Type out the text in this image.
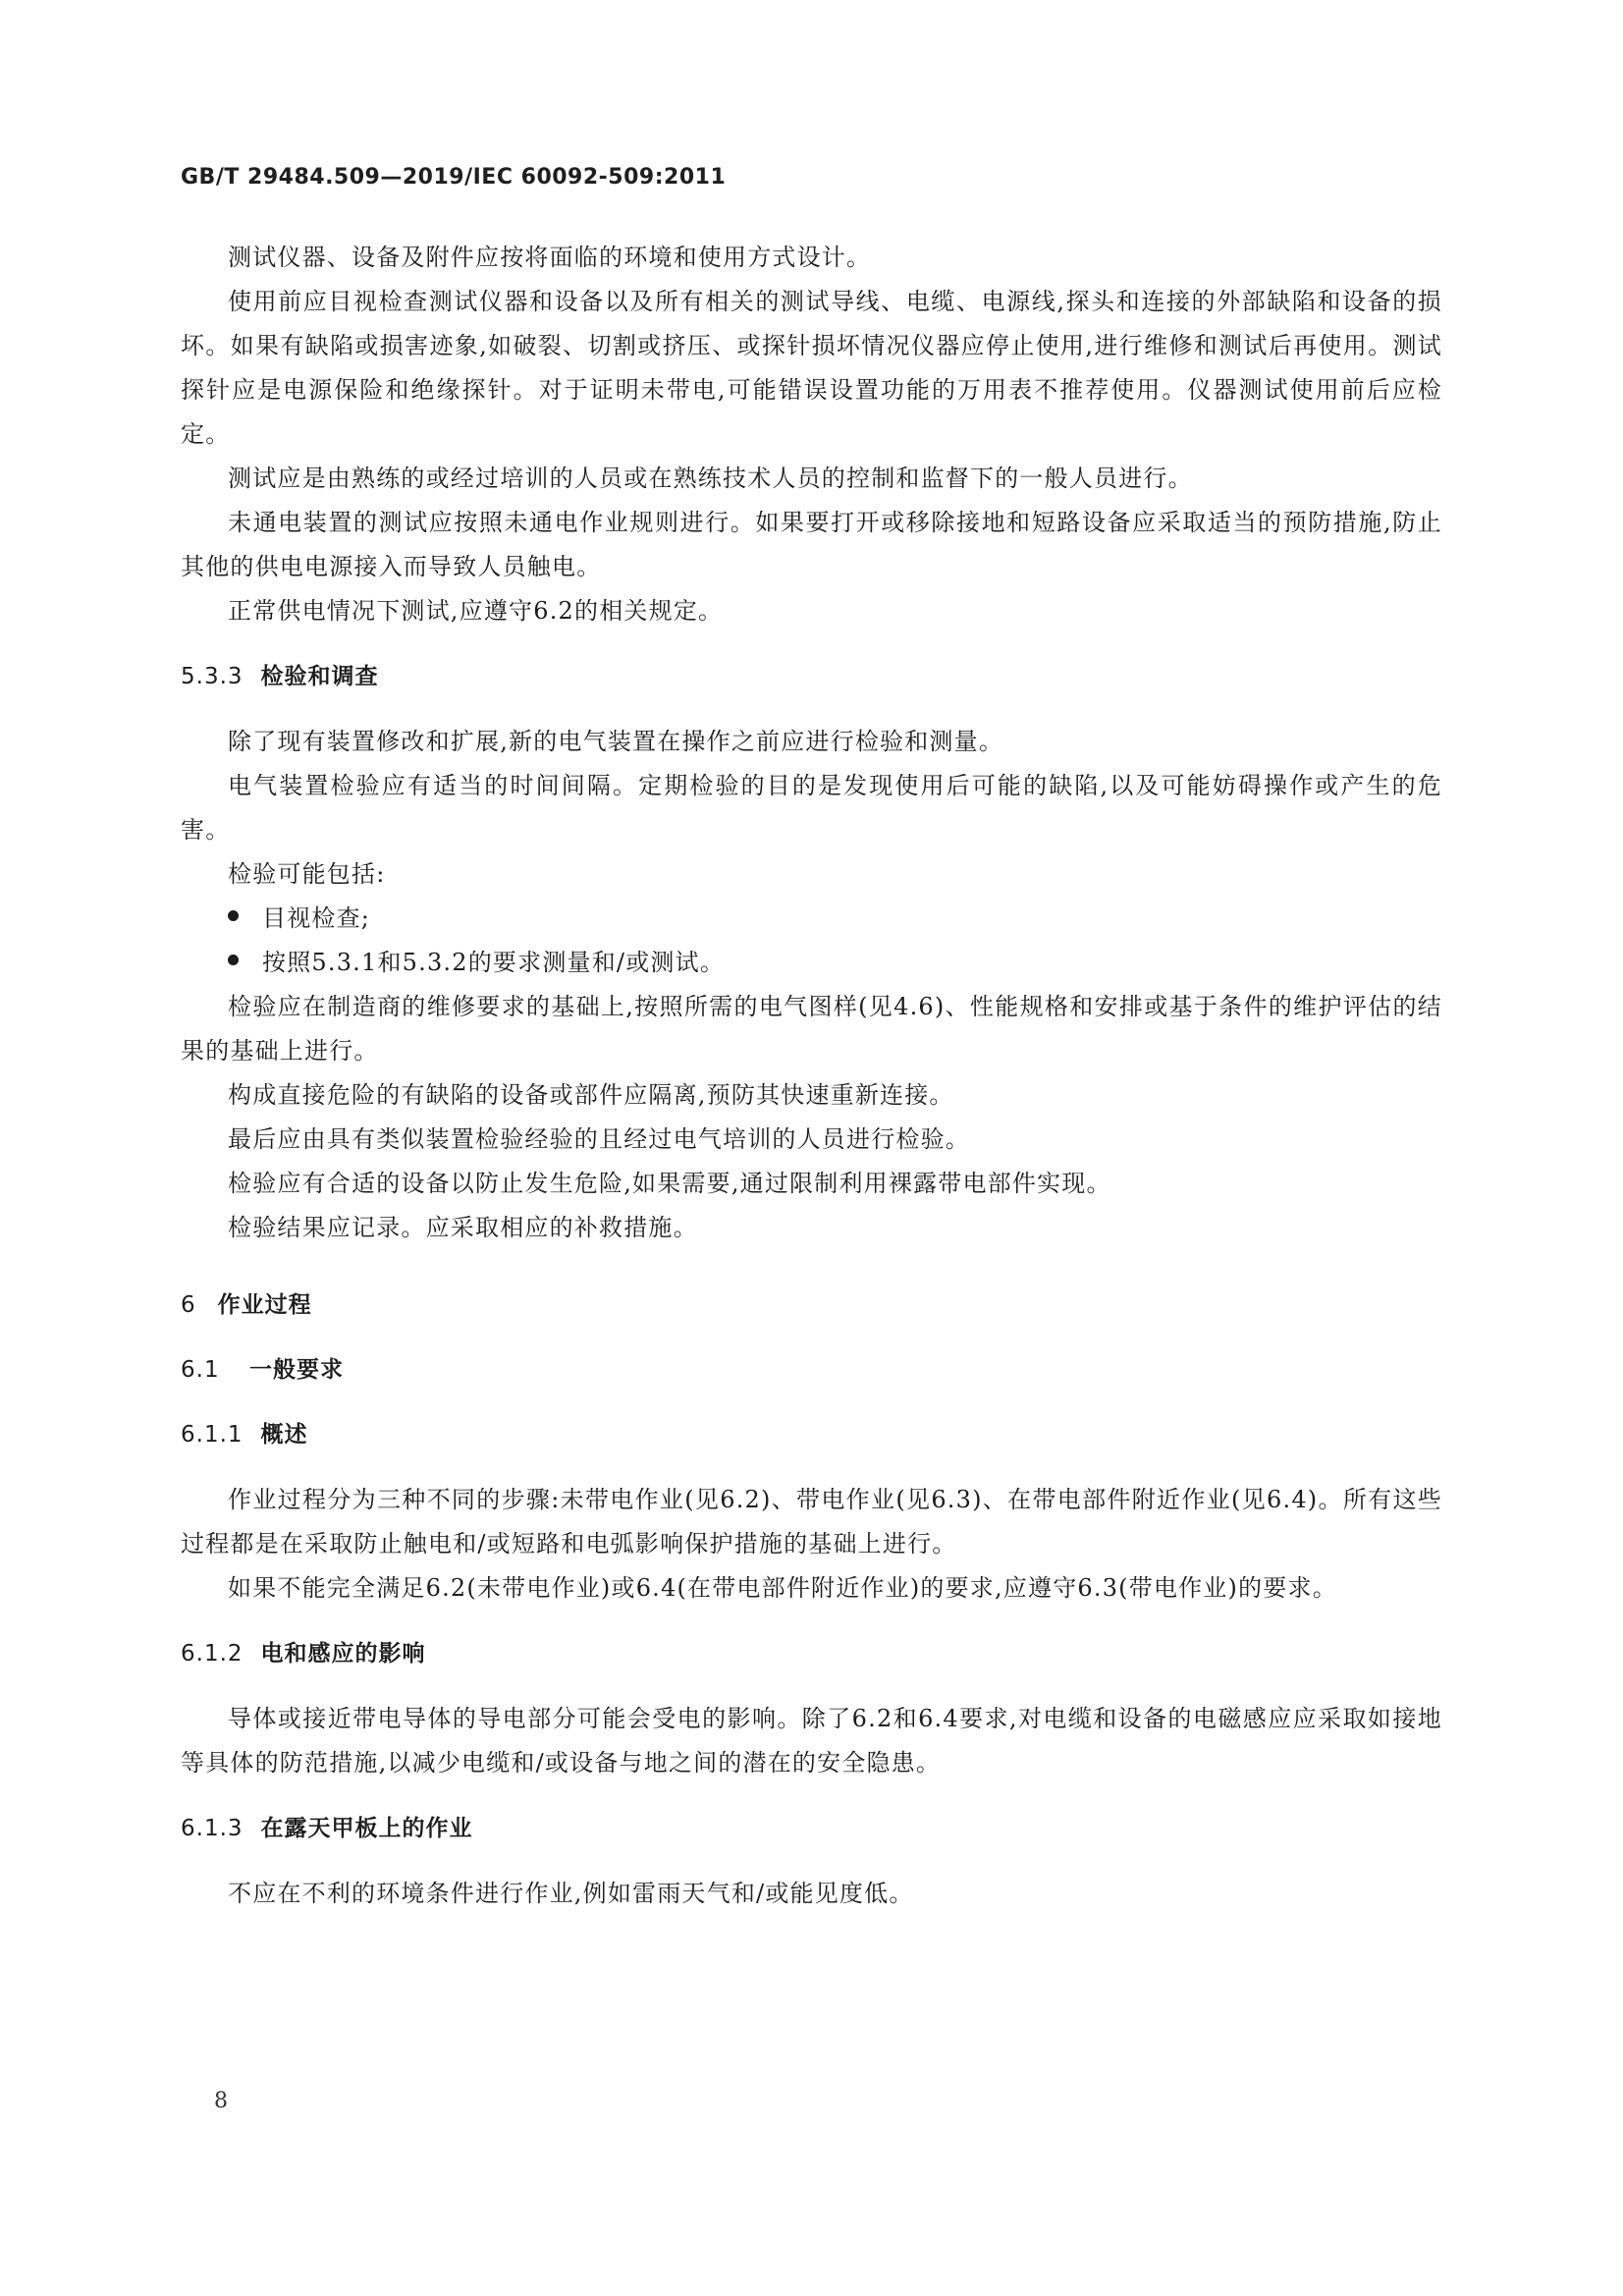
GB/T 29484.509—2019/IEC 60092-509:2011

测试仪器、设备及附件应按将面临的环境和使用方式设计。

使用前应目视检查测试仪器和设备以及所有相关的测试导线、电缆、电源线,探头和连接的外部缺陷和设备的损坏。如果有缺陷或损害迹象,如破裂、切割或挤压、或探针损坏情况仪器应停止使用,进行维修和测试后再使用。测试探针应是电源保险和绝缘探针。对于证明未带电,可能错误设置功能的万用表不推荐使用。仪器测试使用前后应检定。

测试应是由熟练的或经过培训的人员或在熟练技术人员的控制和监督下的一般人员进行。

未通电装置的测试应按照未通电作业规则进行。如果要打开或移除接地和短路设备应采取适当的预防措施,防止其他的供电电源接入而导致人员触电。

正常供电情况下测试,应遵守6.2的相关规定。

5.3.3 检验和调查

除了现有装置修改和扩展,新的电气装置在操作之前应进行检验和测量。

电气装置检验应有适当的时间间隔。定期检验的目的是发现使用后可能的缺陷,以及可能妨碍操作或产生的危害。

检验可能包括:

目视检查;
按照5.3.1和5.3.2的要求测量和/或测试。

检验应在制造商的维修要求的基础上,按照所需的电气图样(见4.6)、性能规格和安排或基于条件的维护评估的结果的基础上进行。

构成直接危险的有缺陷的设备或部件应隔离,预防其快速重新连接。

最后应由具有类似装置检验经验的且经过电气培训的人员进行检验。

检验应有合适的设备以防止发生危险,如果需要,通过限制利用裸露带电部件实现。

检验结果应记录。应采取相应的补救措施。

6 作业过程
6.1 一般要求
6.1.1 概述

作业过程分为三种不同的步骤:未带电作业(见6.2)、带电作业(见6.3)、在带电部件附近作业(见6.4)。所有这些过程都是在采取防止触电和/或短路和电弧影响保护措施的基础上进行。

如果不能完全满足6.2(未带电作业)或6.4(在带电部件附近作业)的要求,应遵守6.3(带电作业)的要求。

6.1.2 电和感应的影响

导体或接近带电导体的导电部分可能会受电的影响。除了6.2和6.4要求,对电缆和设备的电磁感应应采取如接地等具体的防范措施,以减少电缆和/或设备与地之间的潜在的安全隐患。

6.1.3 在露天甲板上的作业

不应在不利的环境条件进行作业,例如雷雨天气和/或能见度低。

8
